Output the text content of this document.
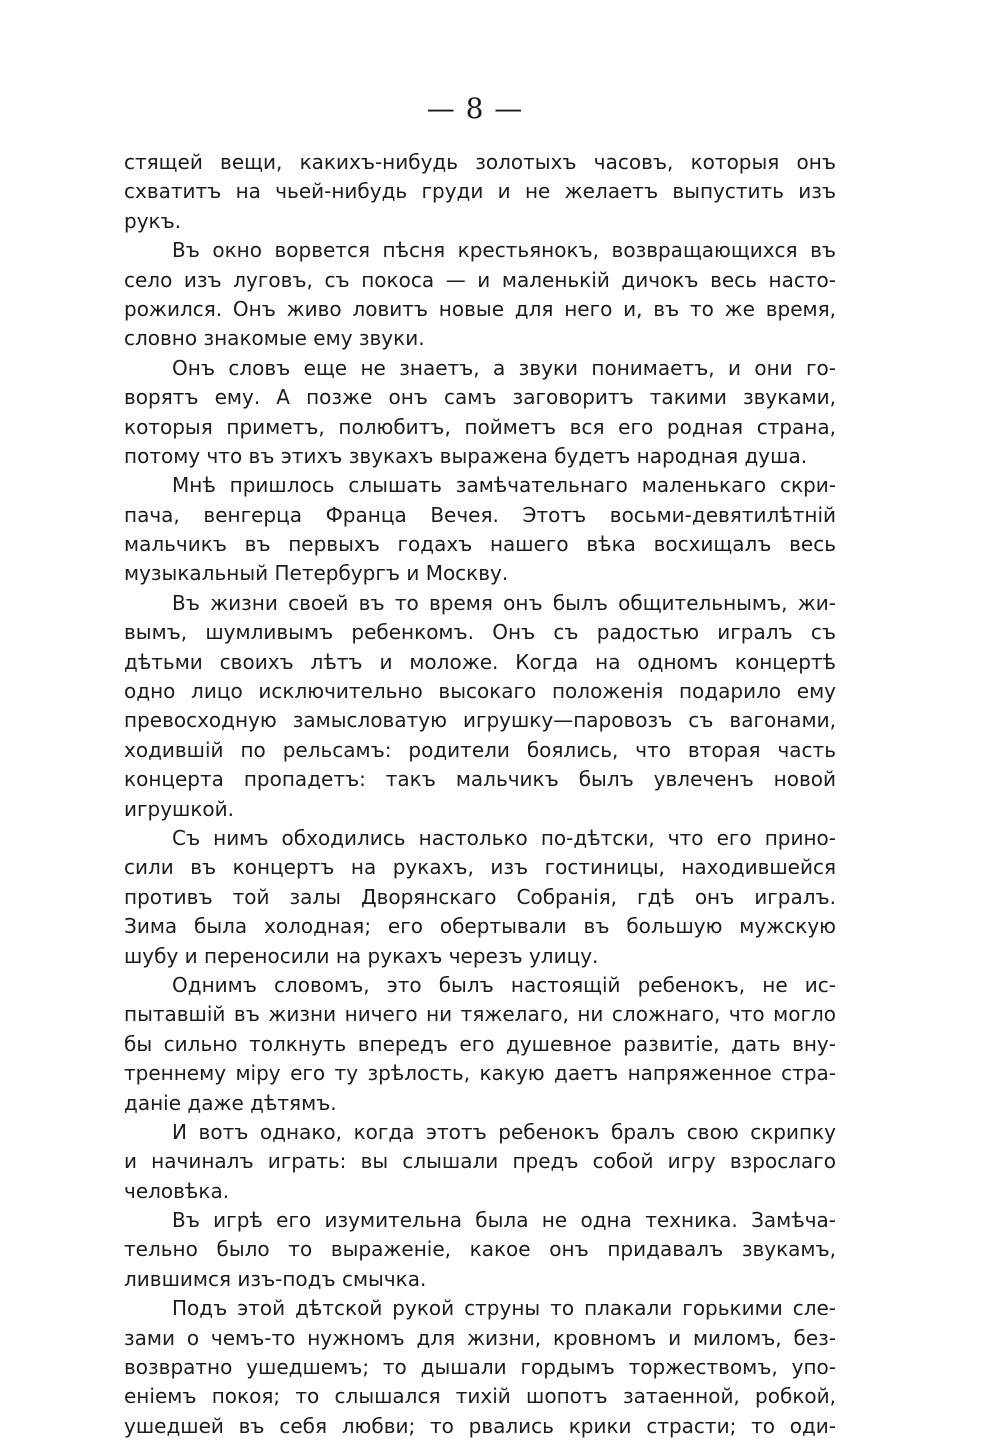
— 8 —
стящей вещи, какихъ-нибудь золотыхъ часовъ, которыя онъ
схватитъ на чьей-нибудь груди и не желаетъ выпустить изъ
рукъ.
Въ окно ворвется пѣсня крестьянокъ, возвращающихся въ
село изъ луговъ, съ покоса — и маленькій дичокъ весь насто-
рожился. Онъ живо ловитъ новые для него и, въ то же время,
словно знакомые ему звуки.
Онъ словъ еще не знаетъ, а звуки понимаетъ, и они го-
ворятъ ему. А позже онъ самъ заговоритъ такими звуками,
которыя приметъ, полюбитъ, пойметъ вся его родная страна,
потому что въ этихъ звукахъ выражена будетъ народная душа.
Мнѣ пришлось слышать замѣчательнаго маленькаго скри-
пача, венгерца Франца Вечея. Этотъ восьми-девятилѣтній
мальчикъ въ первыхъ годахъ нашего вѣка восхищалъ весь
музыкальный Петербургъ и Москву.
Въ жизни своей въ то время онъ былъ общительнымъ, жи-
вымъ, шумливымъ ребенкомъ. Онъ съ радостью игралъ съ
дѣтьми своихъ лѣтъ и моложе. Когда на одномъ концертѣ
одно лицо исключительно высокаго положенія подарило ему
превосходную замысловатую игрушку—паровозъ съ вагонами,
ходившій по рельсамъ: родители боялись, что вторая часть
концерта пропадетъ: такъ мальчикъ былъ увлеченъ новой
игрушкой.
Съ нимъ обходились настолько по-дѣтски, что его прино-
сили въ концертъ на рукахъ, изъ гостиницы, находившейся
противъ той залы Дворянскаго Собранія, гдѣ онъ игралъ.
Зима была холодная; его обертывали въ большую мужскую
шубу и переносили на рукахъ черезъ улицу.
Однимъ словомъ, это былъ настоящій ребенокъ, не ис-
пытавшій въ жизни ничего ни тяжелаго, ни сложнаго, что могло
бы сильно толкнуть впередъ его душевное развитіе, дать вну-
треннему міру его ту зрѣлость, какую даетъ напряженное стра-
даніе даже дѣтямъ.
И вотъ однако, когда этотъ ребенокъ бралъ свою скрипку
и начиналъ играть: вы слышали предъ собой игру взрослаго
человѣка.
Въ игрѣ его изумительна была не одна техника. Замѣча-
тельно было то выраженіе, какое онъ придавалъ звукамъ,
лившимся изъ-подъ смычка.
Подъ этой дѣтской рукой струны то плакали горькими сле-
зами о чемъ-то нужномъ для жизни, кровномъ и миломъ, без-
возвратно ушедшемъ; то дышали гордымъ торжествомъ, упо-
еніемъ покоя; то слышался тихій шопотъ затаенной, робкой,
ушедшей въ себя любви; то рвались крики страсти; то оди-
